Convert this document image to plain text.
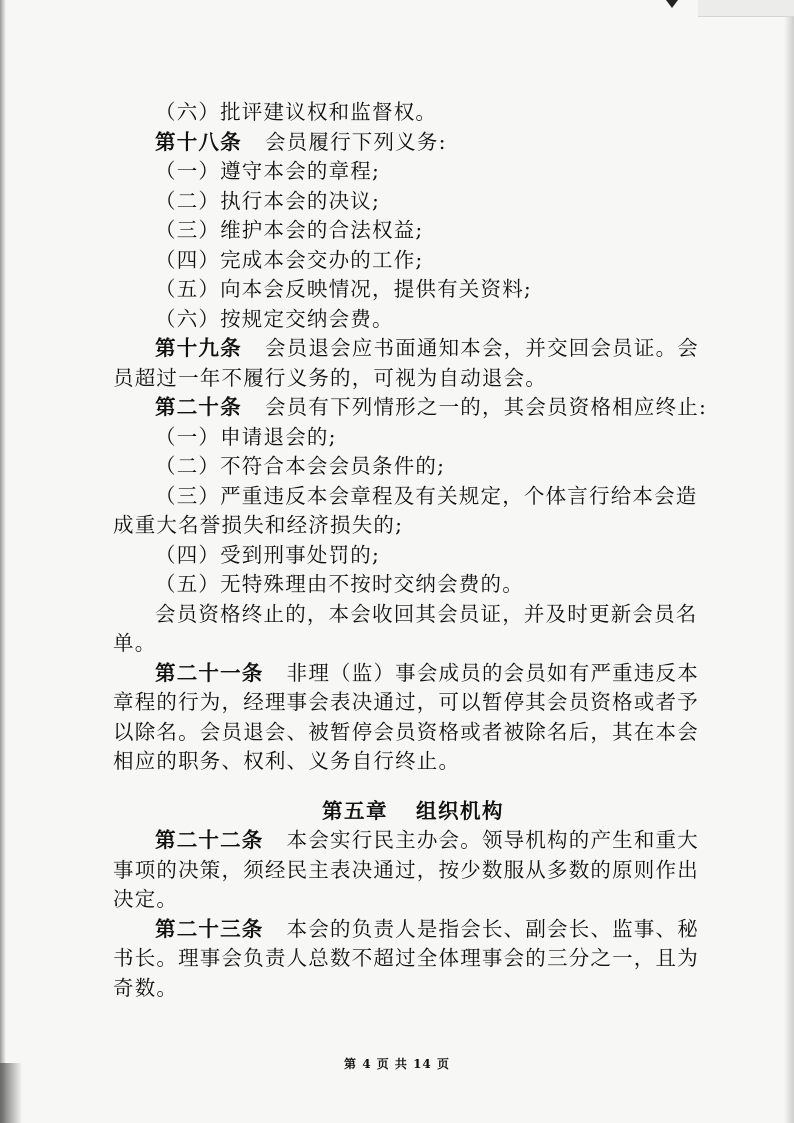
（六）批评建议权和监督权。
第十八条 会员履行下列义务:
（一）遵守本会的章程;
（二）执行本会的决议;
（三）维护本会的合法权益;
（四）完成本会交办的工作;
（五）向本会反映情况，提供有关资料;
（六）按规定交纳会费。
第十九条 会员退会应书面通知本会，并交回会员证。会
员超过一年不履行义务的，可视为自动退会。
第二十条 会员有下列情形之一的，其会员资格相应终止:
（一）申请退会的;
（二）不符合本会会员条件的;
（三）严重违反本会章程及有关规定，个体言行给本会造
成重大名誉损失和经济损失的;
（四）受到刑事处罚的;
（五）无特殊理由不按时交纳会费的。
会员资格终止的，本会收回其会员证，并及时更新会员名
单。
第二十一条 非理（监）事会成员的会员如有严重违反本
章程的行为，经理事会表决通过，可以暂停其会员资格或者予
以除名。会员退会、被暂停会员资格或者被除名后，其在本会
相应的职务、权利、义务自行终止。
第五章 组织机构
第二十二条 本会实行民主办会。领导机构的产生和重大
事项的决策，须经民主表决通过，按少数服从多数的原则作出
决定。
第二十三条 本会的负责人是指会长、副会长、监事、秘
书长。理事会负责人总数不超过全体理事会的三分之一，且为
奇数。
第 4 页 共 14 页
